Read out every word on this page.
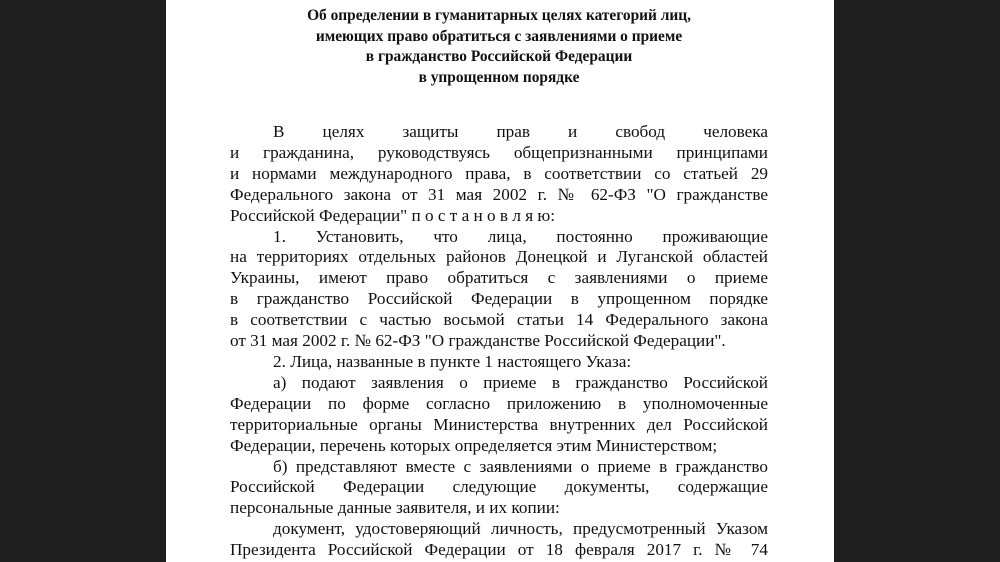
Об определении в гуманитарных целях категорий лиц,
имеющих право обратиться с заявлениями о приеме
в гражданство Российской Федерации
в упрощенном порядке
В целях защиты прав и свобод человека
и гражданина, руководствуясь общепризнанными принципами
и нормами международного права, в соответствии со статьей 29
Федерального закона от 31 мая 2002 г. № 62-ФЗ "О гражданстве
Российской Федерации" п о с т а н о в л я ю:
1. Установить, что лица, постоянно проживающие
на территориях отдельных районов Донецкой и Луганской областей
Украины, имеют право обратиться с заявлениями о приеме
в гражданство Российской Федерации в упрощенном порядке
в соответствии с частью восьмой статьи 14 Федерального закона
от 31 мая 2002 г. № 62-ФЗ "О гражданстве Российской Федерации".
2. Лица, названные в пункте 1 настоящего Указа:
а) подают заявления о приеме в гражданство Российской
Федерации по форме согласно приложению в уполномоченные
территориальные органы Министерства внутренних дел Российской
Федерации, перечень которых определяется этим Министерством;
б) представляют вместе с заявлениями о приеме в гражданство
Российской Федерации следующие документы, содержащие
персональные данные заявителя, и их копии:
документ, удостоверяющий личность, предусмотренный Указом
Президента Российской Федерации от 18 февраля 2017 г. № 74
